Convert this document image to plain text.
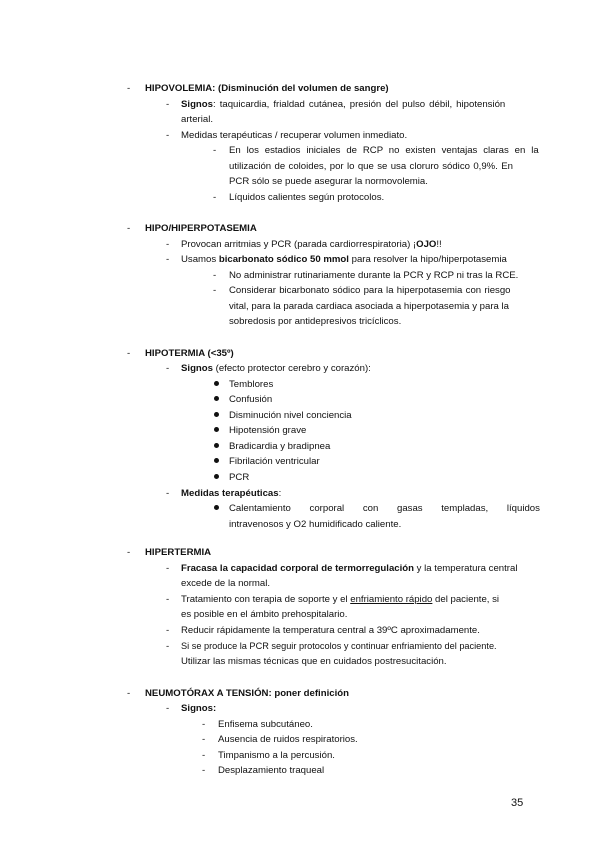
- HIPOVOLEMIA: (Disminución del volumen de sangre)
- Signos: taquicardia, frialdad cutánea, presión del pulso débil, hipotensión
arterial.
- Medidas terapéuticas / recuperar volumen inmediato.
- En los estadios iniciales de RCP no existen ventajas claras en la
utilización de coloides, por lo que se usa cloruro sódico 0,9%. En
PCR sólo se puede asegurar la normovolemia.
- Líquidos calientes según protocolos.
- HIPO/HIPERPOTASEMIA
- Provocan arritmias y PCR (parada cardiorrespiratoria) ¡OJO!!
- Usamos bicarbonato sódico 50 mmol para resolver la hipo/hiperpotasemia
- No administrar rutinariamente durante la PCR y RCP ni tras la RCE.
- Considerar bicarbonato sódico para la hiperpotasemia con riesgo
vital, para la parada cardiaca asociada a hiperpotasemia y para la
sobredosis por antidepresivos tricíclicos.
- HIPOTERMIA (<35º)
- Signos (efecto protector cerebro y corazón):
Temblores
Confusión
Disminución nivel conciencia
Hipotensión grave
Bradicardia y bradipnea
Fibrilación ventricular
PCR
- Medidas terapéuticas:
Calentamiento corporal con gasas templadas, líquidos
intravenosos y O2 humidificado caliente.
- HIPERTERMIA
- Fracasa la capacidad corporal de termorregulación y la temperatura central
excede de la normal.
- Tratamiento con terapia de soporte y el enfriamiento rápido del paciente, si
es posible en el ámbito prehospitalario.
- Reducir rápidamente la temperatura central a 39ºC aproximadamente.
- Si se produce la PCR seguir protocolos y continuar enfriamiento del paciente.
Utilizar las mismas técnicas que en cuidados postresucitación.
- NEUMOTÓRAX A TENSIÓN: poner definición
- Signos:
- Enfisema subcutáneo.
- Ausencia de ruidos respiratorios.
- Timpanismo a la percusión.
- Desplazamiento traqueal
35
